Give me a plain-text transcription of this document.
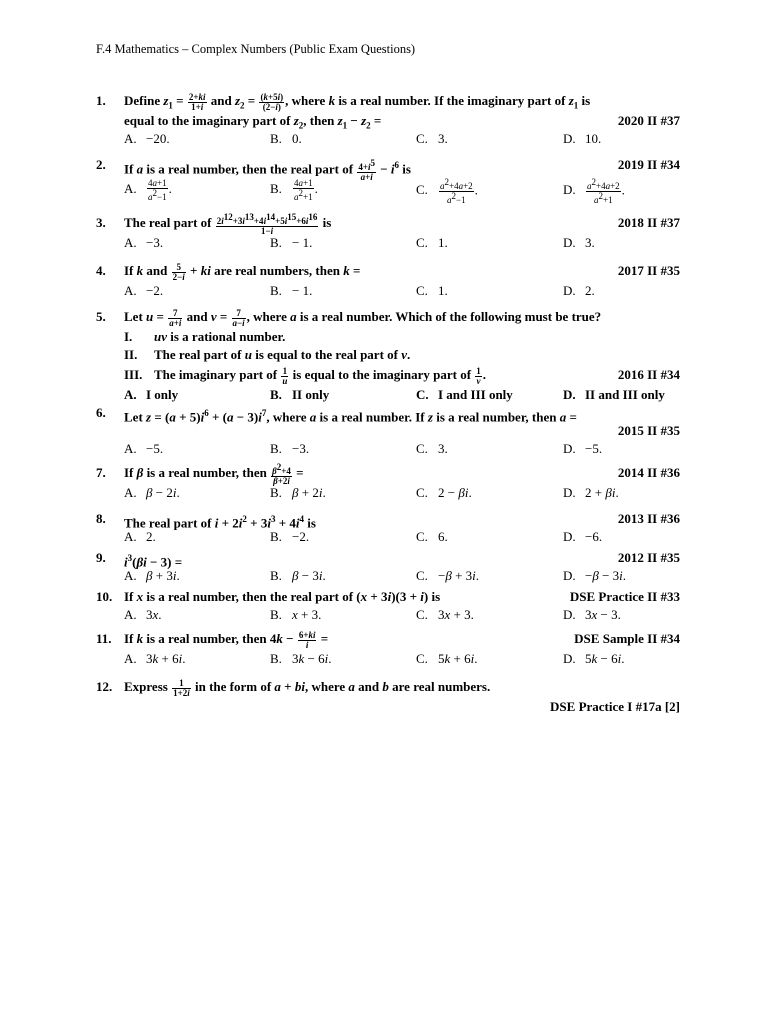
F.4 Mathematics – Complex Numbers (Public Exam Questions)
1. Define $z_1 = \frac{2+ki}{1+i}$ and $z_2 = \frac{(k+5i)}{(2-i)}$ , where k is a real number. If the imaginary part of $z_1$ is
equal to the imaginary part of $z_2$, then $z_1 - z_2$ =	2020 II #37
A. −20.	B. 0.	C. 3.	D. 10.
2. If a is a real number, then the real part of $\frac{4+i^5}{a+i} - i^6$ is	2019 II #34
A. $\frac{4a+1}{a^2-1}$ .	B. $\frac{4a+1}{a^2+1}$ .	C. $\frac{a^2+4a+2}{a^2-1}$ .	D. $\frac{a^2+4a+2}{a^2+1}$ .
3. The real part of $\frac{2i^{12}+3i^{13}+4i^{14}+5i^{15}+6i^{16}}{1-i}$ is	2018 II #37
A. −3.	B. − 1.	C. 1.	D. 3.
4. If k and $\frac{5}{2-i}$ + ki are real numbers, then k =	2017 II #35
A. −2.	B. − 1.	C. 1.	D. 2.
5. Let $u = \frac{7}{a+i}$ and $v = \frac{7}{a-i}$ , where a is a real number. Which of the following must be true?
I. uv is a rational number.
II. The real part of u is equal to the real part of v.
III. The imaginary part of $\frac{1}{u}$ is equal to the imaginary part of $\frac{1}{v}$ .	2016 II #34
A. I only	B. II only	C. I and III only	D. II and III only
6. Let $z = (a + 5)i^6 + (a - 3)i^7$, where a is a real number. If z is a real number, then a =
2015 II #35
A. −5.	B. −3.	C. 3.	D. −5.
7. If β is a real number, then $\frac{\beta^2+4}{\beta+2i}$ =	2014 II #36
A. β − 2i.	B. β + 2i.	C. 2 − βi.	D. 2 + βi.
8. The real part of $i + 2i^2 + 3i^3 + 4i^4$ is	2013 II #36
A. 2.	B. −2.	C. 6.	D. −6.
9. $i^3(\beta i - 3)$ =	2012 II #35
A. β + 3i.	B. β − 3i.	C. −β + 3i.	D. −β − 3i.
10. If x is a real number, then the real part of (x + 3i)(3 + i) is	DSE Practice II #33
A. 3x.	B. x + 3.	C. 3x + 3.	D. 3x − 3.
11. If k is a real number, then $4k - \frac{6+ki}{i}$ =	DSE Sample II #34
A. 3k + 6i.	B. 3k − 6i.	C. 5k + 6i.	D. 5k − 6i.
12. Express $\frac{1}{1+2i}$ in the form of a + bi, where a and b are real numbers.
DSE Practice I #17a [2]
